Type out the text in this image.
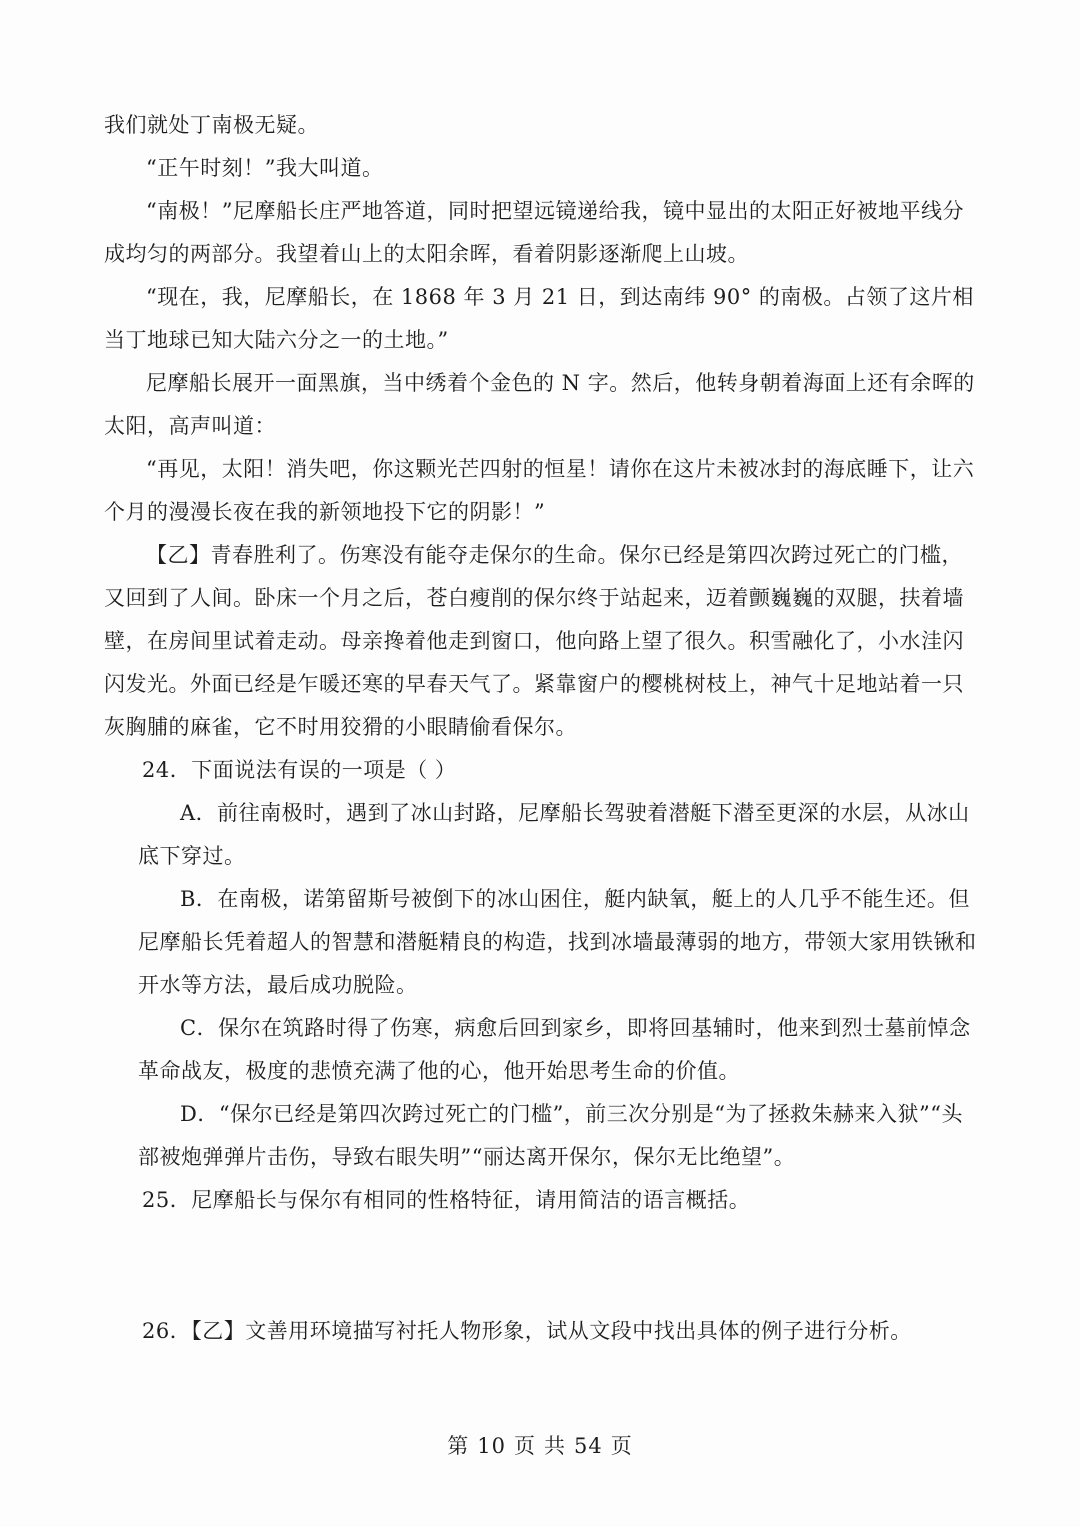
我们就处丁南极无疑。

“正午时刻！”我大叫道。

“南极！”尼摩船长庄严地答道，同时把望远镜递给我，镜中显出的太阳正好被地平线分成均匀的两部分。我望着山上的太阳余晖，看着阴影逐渐爬上山坡。

“现在，我，尼摩船长，在 1868 年 3 月 21 日，到达南纬 90° 的南极。占领了这片相当丁地球已知大陆六分之一的土地。”

尼摩船长展开一面黑旗，当中绣着个金色的 N 字。然后，他转身朝着海面上还有余晖的太阳，高声叫道：

“再见，太阳！消失吧，你这颗光芒四射的恒星！请你在这片未被冰封的海底睡下，让六个月的漫漫长夜在我的新领地投下它的阴影！”

【乙】青春胜利了。伤寒没有能夺走保尔的生命。保尔已经是第四次跨过死亡的门槛，又回到了人间。卧床一个月之后，苍白瘦削的保尔终于站起来，迈着颤巍巍的双腿，扶着墙壁，在房间里试着走动。母亲搀着他走到窗口，他向路上望了很久。积雪融化了，小水洼闪闪发光。外面已经是乍暖还寒的早春天气了。紧靠窗户的樱桃树枝上，神气十足地站着一只灰胸脯的麻雀，它不时用狡猾的小眼睛偷看保尔。

24．下面说法有误的一项是（ ）

A．前往南极时，遇到了冰山封路，尼摩船长驾驶着潜艇下潜至更深的水层，从冰山底下穿过。

B．在南极，诺第留斯号被倒下的冰山困住，艇内缺氧，艇上的人几乎不能生还。但尼摩船长凭着超人的智慧和潜艇精良的构造，找到冰墙最薄弱的地方，带领大家用铁锹和开水等方法，最后成功脱险。

C．保尔在筑路时得了伤寒，病愈后回到家乡，即将回基辅时，他来到烈士墓前悼念革命战友，极度的悲愤充满了他的心，他开始思考生命的价值。

D．“保尔已经是第四次跨过死亡的门槛”，前三次分别是“为了拯救朱赫来入狱”“头部被炮弹弹片击伤，导致右眼失明”“丽达离开保尔，保尔无比绝望”。

25．尼摩船长与保尔有相同的性格特征，请用简洁的语言概括。

26．【乙】文善用环境描写衬托人物形象，试从文段中找出具体的例子进行分析。

第 10 页 共 54 页
